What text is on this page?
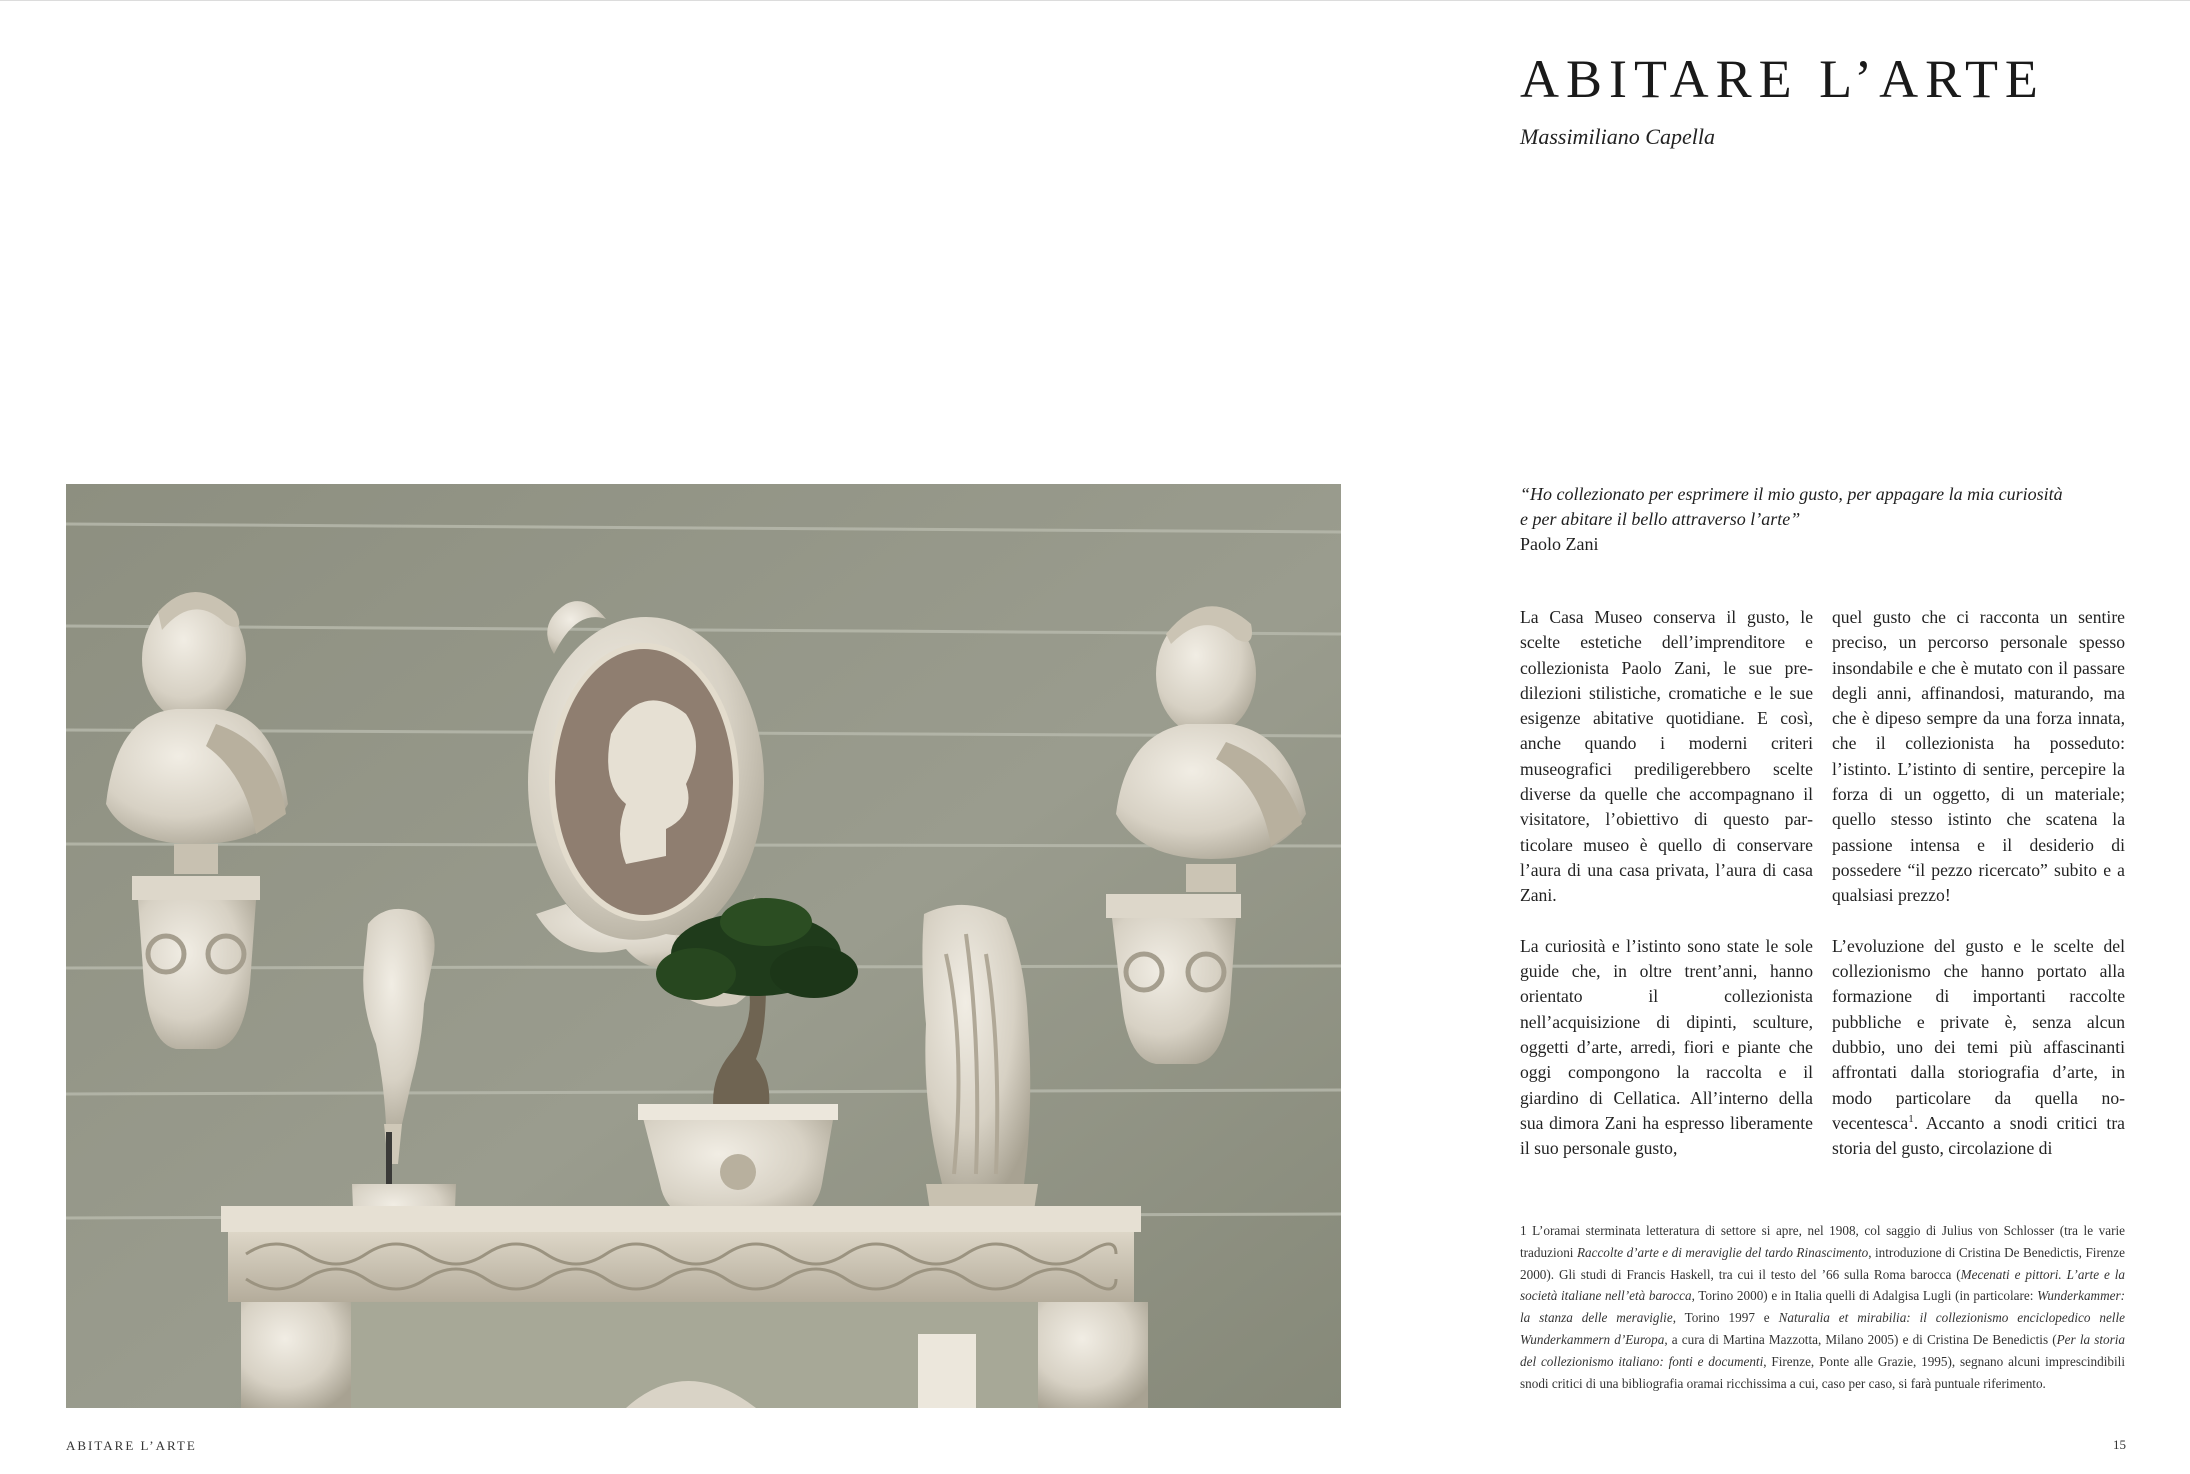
ABITARE L’ARTE
Massimiliano Capella
“Ho collezionato per esprimere il mio gusto, per appagare la mia curiosità
e per abitare il bello attraverso l’arte”
Paolo Zani

La Casa Museo conserva il gusto, le scelte estetiche dell’imprenditore e collezionista Paolo Zani, le sue predilezioni stilistiche, cromatiche e le sue esigenze abitative quotidiane. E così, anche quando i moderni criteri museografici prediligerebbero scelte diverse da quelle che accompagnano il visitatore, l’obiettivo di questo particolare museo è quello di conservare l’aura di una casa privata, l’aura di casa Zani.

La curiosità e l’istinto sono state le sole guide che, in oltre trent’anni, hanno orientato il collezionista nell’acquisizione di dipinti, sculture, oggetti d’arte, arredi, fiori e piante che oggi compongono la raccolta e il giardino di Cellatica. All’interno della sua dimora Zani ha espresso liberamente il suo personale gusto,

quel gusto che ci racconta un sentire preciso, un percorso personale spesso insondabile e che è mutato con il passare degli anni, affinandosi, maturando, ma che è dipeso sempre da una forza innata, che il collezionista ha posseduto: l’istinto. L’istinto di sentire, percepire la forza di un oggetto, di un materiale; quello stesso istinto che scatena la passione intensa e il desiderio di possedere “il pezzo ricercato” subito e a qualsiasi prezzo!

L’evoluzione del gusto e le scelte del collezionismo che hanno portato alla formazione di importanti raccolte pubbliche e private è, senza alcun dubbio, uno dei temi più affascinanti affrontati dalla storiografia d’arte, in modo particolare da quella novecentesca$^1$. Accanto a snodi critici tra storia del gusto, circolazione di

1 L’oramai sterminata letteratura di settore si apre, nel 1908, col saggio di Julius von Schlosser (tra le varie traduzioni Raccolte d’arte e di meraviglie del tardo Rinascimento, introduzione di Cristina De Benedictis, Firenze 2000). Gli studi di Francis Haskell, tra cui il testo del ’66 sulla Roma barocca (Mecenati e pittori. L’arte e la società italiane nell’età barocca, Torino 2000) e in Italia quelli di Adalgisa Lugli (in particolare: Wunderkammer: la stanza delle meraviglie, Torino 1997 e Naturalia et mirabilia: il collezionismo enciclopedico nelle Wunderkammern d’Europa, a cura di Martina Mazzotta, Milano 2005) e di Cristina De Benedictis (Per la storia del collezionismo italiano: fonti e documenti, Firenze, Ponte alle Grazie, 1995), segnano alcuni imprescindibili snodi critici di una bibliografia oramai ricchissima a cui, caso per caso, si farà puntuale riferimento.
ABITARE L’ARTE	15
